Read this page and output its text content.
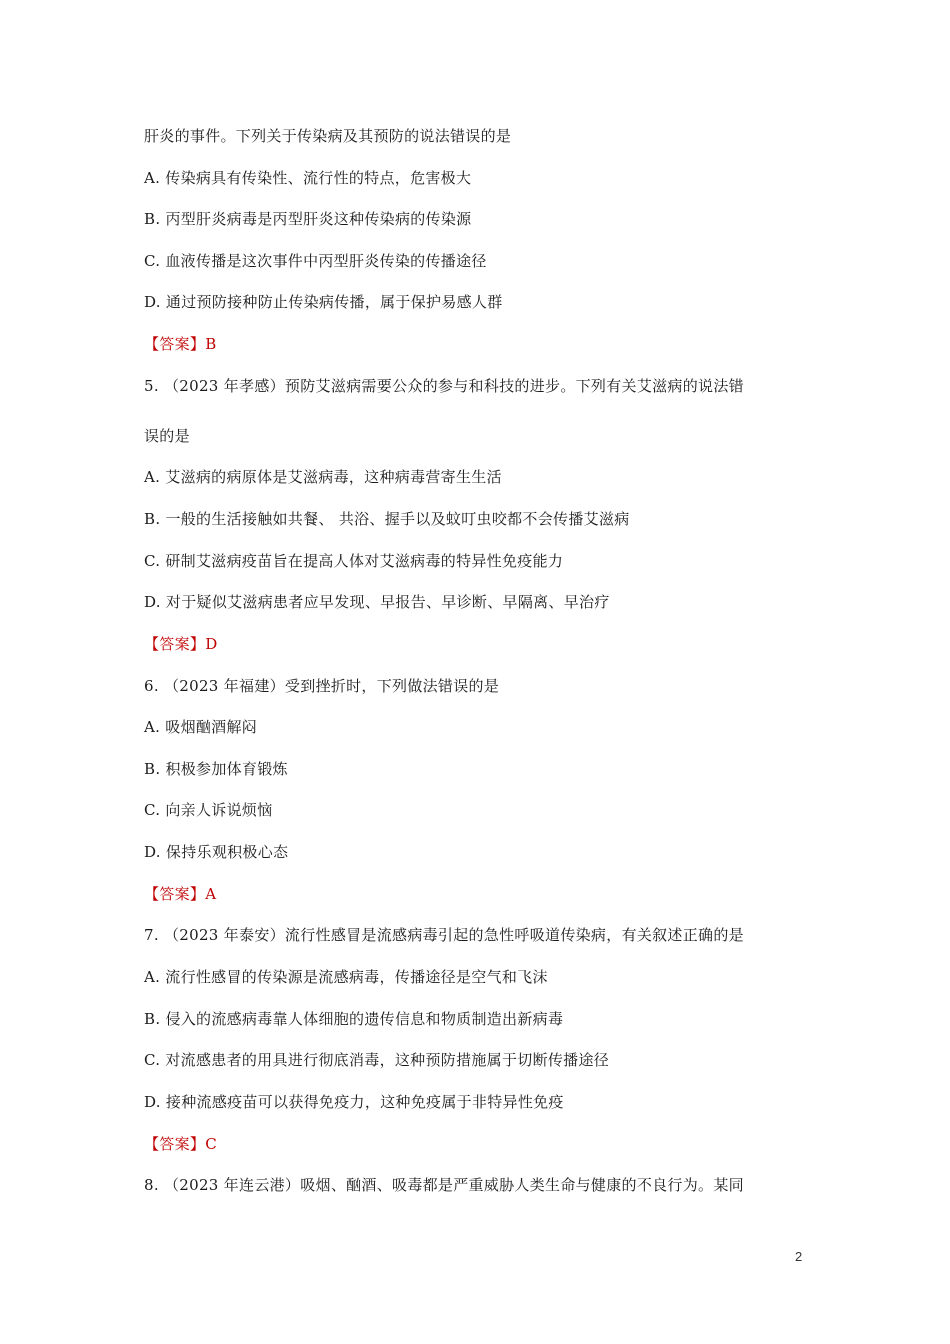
肝炎的事件。下列关于传染病及其预防的说法错误的是
A. 传染病具有传染性、流行性的特点，危害极大
B. 丙型肝炎病毒是丙型肝炎这种传染病的传染源
C. 血液传播是这次事件中丙型肝炎传染的传播途径
D. 通过预防接种防止传染病传播，属于保护易感人群
【答案】B
5. （2023 年孝感）预防艾滋病需要公众的参与和科技的进步。下列有关艾滋病的说法错
误的是
A. 艾滋病的病原体是艾滋病毒，这种病毒营寄生生活
B. 一般的生活接触如共餐、 共浴、握手以及蚊叮虫咬都不会传播艾滋病
C. 研制艾滋病疫苗旨在提高人体对艾滋病毒的特异性免疫能力
D. 对于疑似艾滋病患者应早发现、早报告、早诊断、早隔离、早治疗
【答案】D
6. （2023 年福建）受到挫折时，下列做法错误的是
A. 吸烟酗酒解闷
B. 积极参加体育锻炼
C. 向亲人诉说烦恼
D. 保持乐观积极心态
【答案】A
7. （2023 年泰安）流行性感冒是流感病毒引起的急性呼吸道传染病，有关叙述正确的是
A. 流行性感冒的传染源是流感病毒，传播途径是空气和飞沫
B. 侵入的流感病毒靠人体细胞的遗传信息和物质制造出新病毒
C. 对流感患者的用具进行彻底消毒，这种预防措施属于切断传播途径
D. 接种流感疫苗可以获得免疫力，这种免疫属于非特异性免疫
【答案】C
8. （2023 年连云港）吸烟、酗酒、吸毒都是严重威胁人类生命与健康的不良行为。某同
2
